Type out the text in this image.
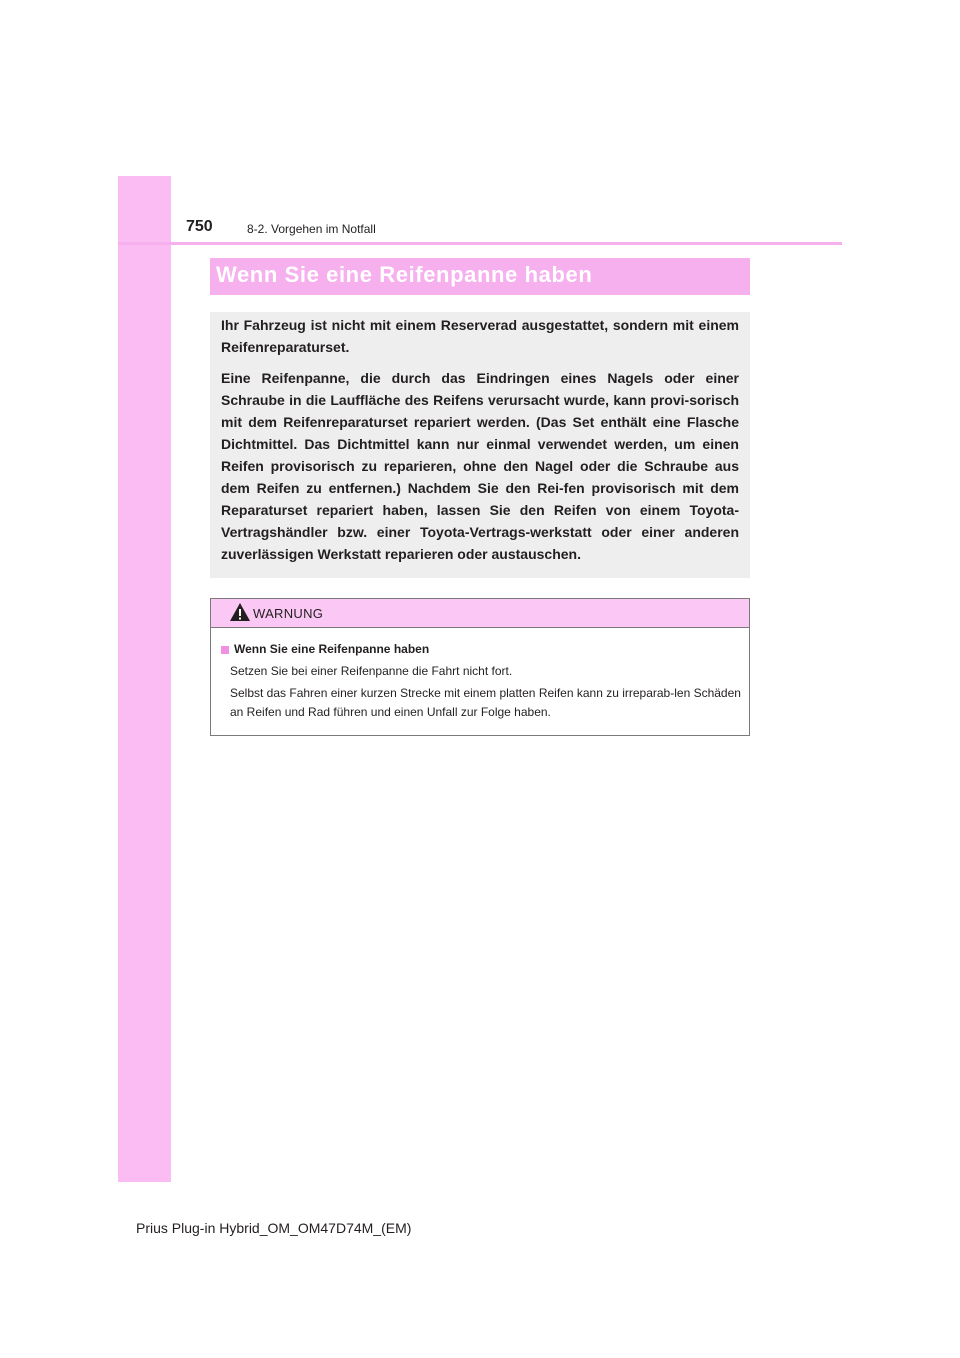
750	8-2. Vorgehen im Notfall
Wenn Sie eine Reifenpanne haben

Ihr Fahrzeug ist nicht mit einem Reserverad ausgestattet, sondern mit einem Reifenreparaturset.

Eine Reifenpanne, die durch das Eindringen eines Nagels oder einer Schraube in die Lauffläche des Reifens verursacht wurde, kann provi-sorisch mit dem Reifenreparaturset repariert werden. (Das Set enthält eine Flasche Dichtmittel. Das Dichtmittel kann nur einmal verwendet werden, um einen Reifen provisorisch zu reparieren, ohne den Nagel oder die Schraube aus dem Reifen zu entfernen.) Nachdem Sie den Rei-fen provisorisch mit dem Reparaturset repariert haben, lassen Sie den Reifen von einem Toyota-Vertragshändler bzw. einer Toyota-Vertrags-werkstatt oder einer anderen zuverlässigen Werkstatt reparieren oder austauschen.

WARNUNG
Wenn Sie eine Reifenpanne haben
Setzen Sie bei einer Reifenpanne die Fahrt nicht fort.
Selbst das Fahren einer kurzen Strecke mit einem platten Reifen kann zu irreparab-len Schäden an Reifen und Rad führen und einen Unfall zur Folge haben.
Prius Plug-in Hybrid_OM_OM47D74M_(EM)
